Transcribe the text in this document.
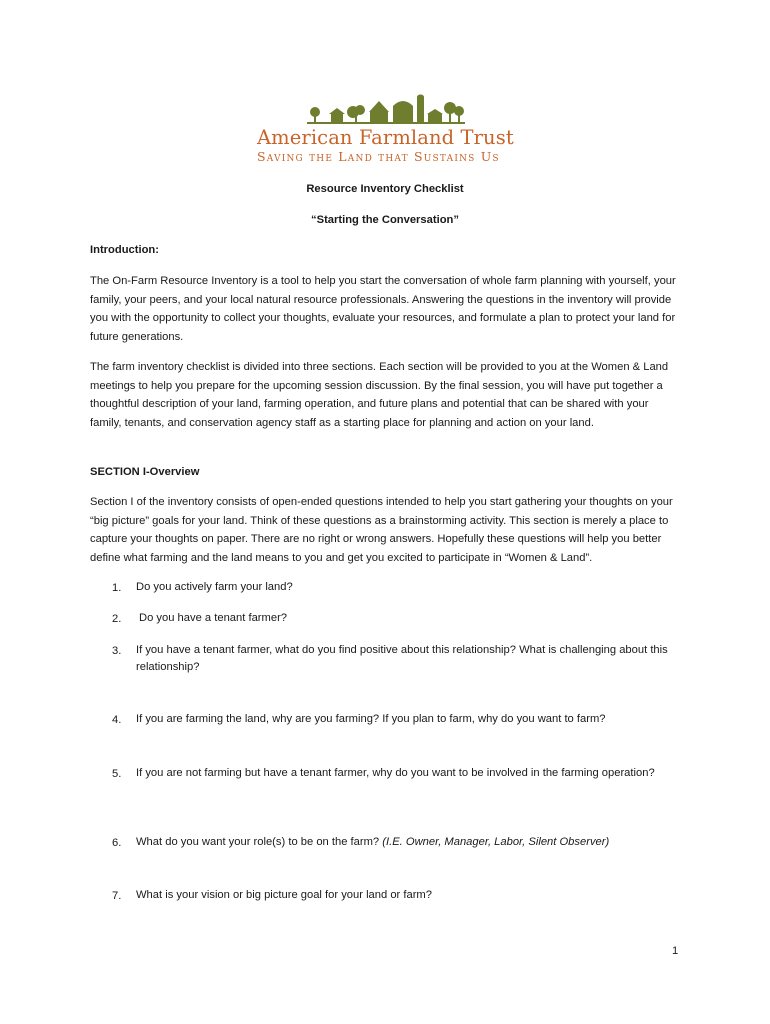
American Farmland Trust
Saving the Land that Sustains Us
Resource Inventory Checklist
“Starting the Conversation”
Introduction:
The On-Farm Resource Inventory is a tool to help you start the conversation of whole farm planning with yourself, your family, your peers, and your local natural resource professionals. Answering the questions in the inventory will provide you with the opportunity to collect your thoughts, evaluate your resources, and formulate a plan to protect your land for future generations.
The farm inventory checklist is divided into three sections. Each section will be provided to you at the Women & Land meetings to help you prepare for the upcoming session discussion. By the final session, you will have put together a thoughtful description of your land, farming operation, and future plans and potential that can be shared with your family, tenants, and conservation agency staff as a starting place for planning and action on your land.
SECTION I-Overview
Section I of the inventory consists of open-ended questions intended to help you start gathering your thoughts on your “big picture” goals for your land. Think of these questions as a brainstorming activity. This section is merely a place to capture your thoughts on paper. There are no right or wrong answers. Hopefully these questions will help you better define what farming and the land means to you and get you excited to participate in “Women & Land”.
1. Do you actively farm your land?
2. Do you have a tenant farmer?
3. If you have a tenant farmer, what do you find positive about this relationship? What is challenging about this relationship?
4. If you are farming the land, why are you farming? If you plan to farm, why do you want to farm?
5. If you are not farming but have a tenant farmer, why do you want to be involved in the farming operation?
6. What do you want your role(s) to be on the farm? (I.E. Owner, Manager, Labor, Silent Observer)
7. What is your vision or big picture goal for your land or farm?
1
